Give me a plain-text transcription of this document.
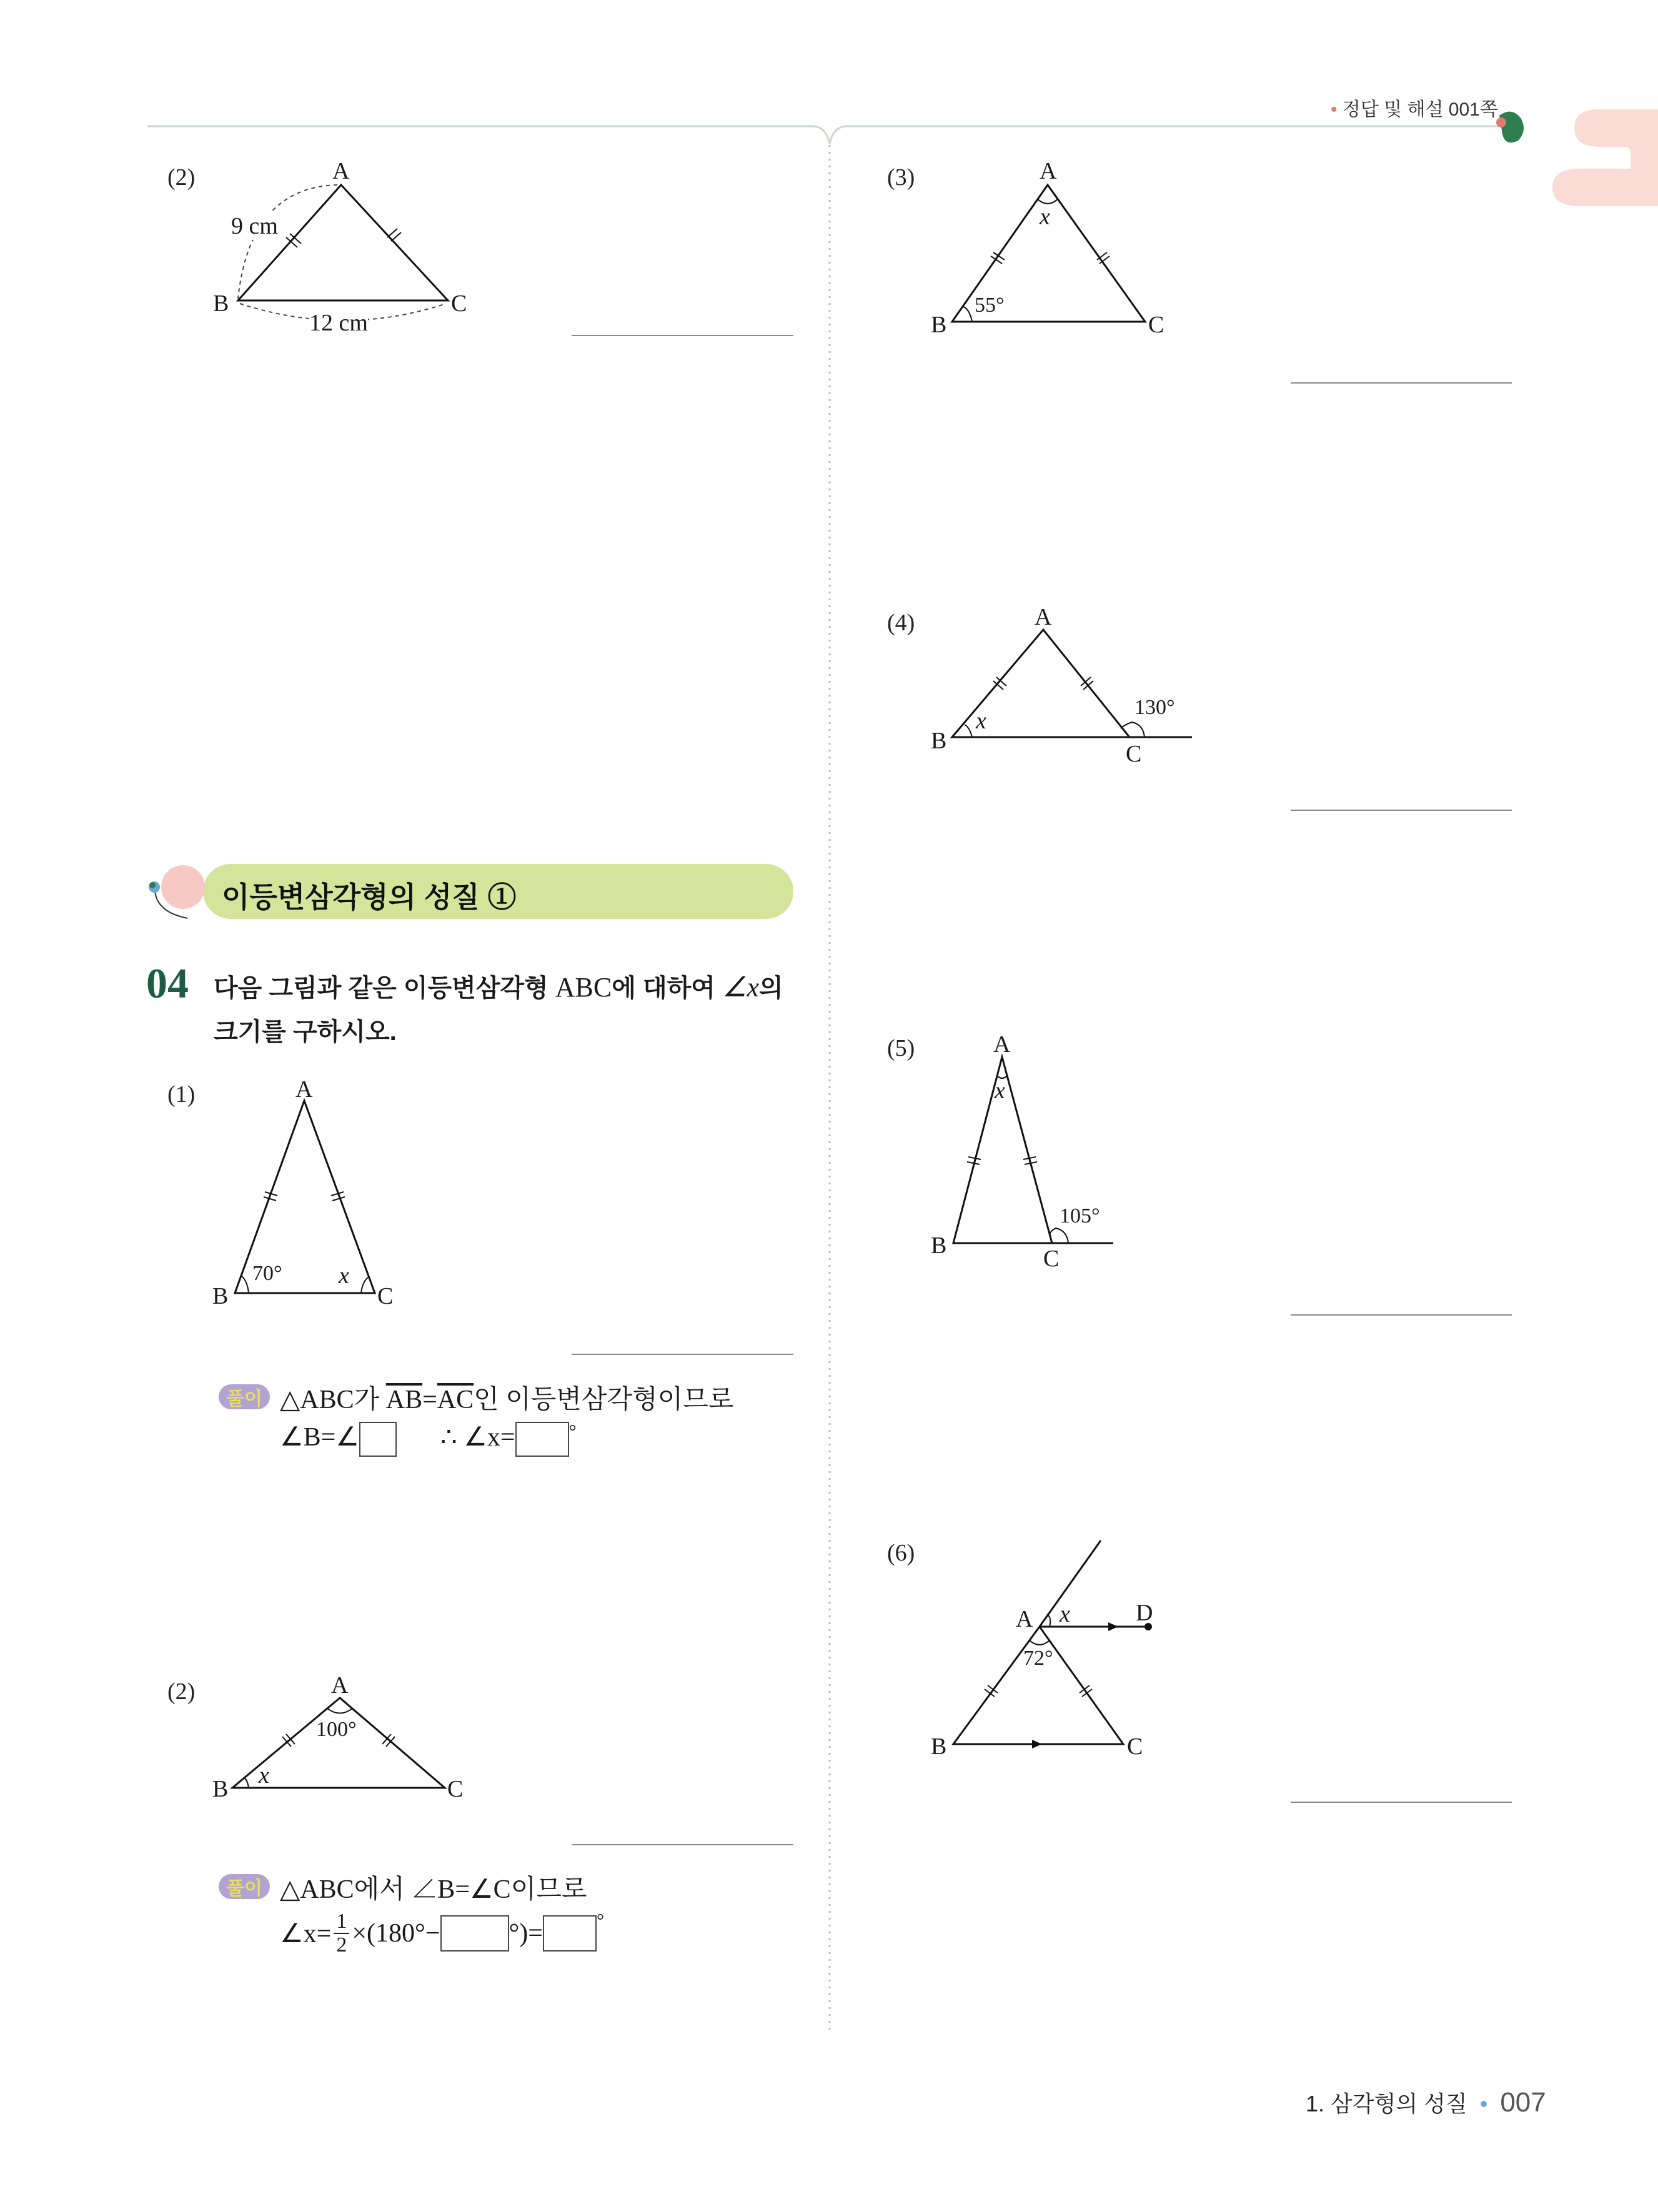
• 정답 및 해설 001쪽
(2)	A
B	C
9 cm
12 cm
이등변삼각형의 성질 ①
04 다음 그림과 같은 이등변삼각형 ABC에 대하여 ∠x의
크기를 구하시오.
(1)	A
B	C
70° x
풀이 △ABC가 $\overline{AB}=\overline{AC}$인 이등변삼각형이므로
∠B=∠	∴ ∠x=	°
(2)	A
B	C
100°
x
풀이 △ABC에서 ∠B=∠C이므로
∠x= $\frac{1}{2} \times(180^\circ-$	°)=	°
(3)	A
B	C
x
55°
(4)	A
B	C
x
130°
(5)	A
B	C
x
105°
(6)
A
B	C
D
x
72°
1. 삼각형의 성질 • 007
